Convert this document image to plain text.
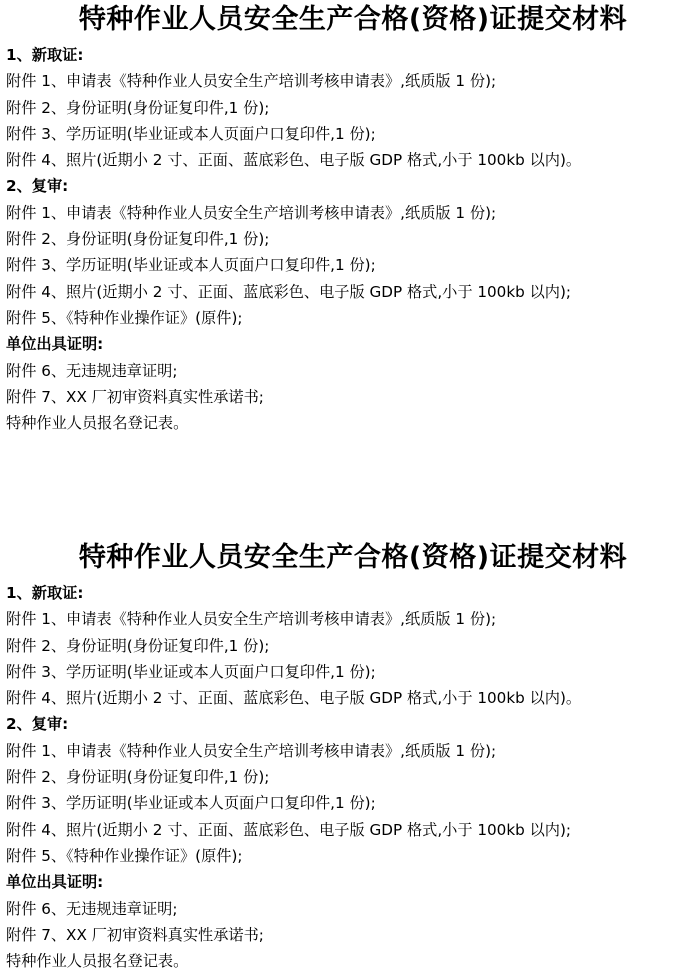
特种作业人员安全生产合格(资格)证提交材料
1、新取证:
附件 1、申请表《特种作业人员安全生产培训考核申请表》,纸质版 1 份);
附件 2、身份证明(身份证复印件,1 份);
附件 3、学历证明(毕业证或本人页面户口复印件,1 份);
附件 4、照片(近期小 2 寸、正面、蓝底彩色、电子版 GDP 格式,小于 100kb 以内)。
2、复审:
附件 1、申请表《特种作业人员安全生产培训考核申请表》,纸质版 1 份);
附件 2、身份证明(身份证复印件,1 份);
附件 3、学历证明(毕业证或本人页面户口复印件,1 份);
附件 4、照片(近期小 2 寸、正面、蓝底彩色、电子版 GDP 格式,小于 100kb 以内);
附件 5、《特种作业操作证》(原件);
单位出具证明:
附件 6、无违规违章证明;
附件 7、XX 厂初审资料真实性承诺书;
特种作业人员报名登记表。
特种作业人员安全生产合格(资格)证提交材料
1、新取证:
附件 1、申请表《特种作业人员安全生产培训考核申请表》,纸质版 1 份);
附件 2、身份证明(身份证复印件,1 份);
附件 3、学历证明(毕业证或本人页面户口复印件,1 份);
附件 4、照片(近期小 2 寸、正面、蓝底彩色、电子版 GDP 格式,小于 100kb 以内)。
2、复审:
附件 1、申请表《特种作业人员安全生产培训考核申请表》,纸质版 1 份);
附件 2、身份证明(身份证复印件,1 份);
附件 3、学历证明(毕业证或本人页面户口复印件,1 份);
附件 4、照片(近期小 2 寸、正面、蓝底彩色、电子版 GDP 格式,小于 100kb 以内);
附件 5、《特种作业操作证》(原件);
单位出具证明:
附件 6、无违规违章证明;
附件 7、XX 厂初审资料真实性承诺书;
特种作业人员报名登记表。
